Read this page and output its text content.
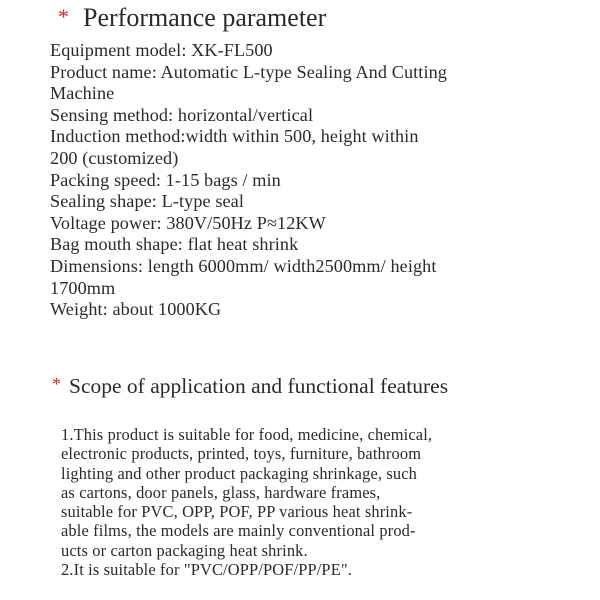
* Performance parameter
Equipment model: XK-FL500
Product name: Automatic L-type Sealing And Cutting
Machine
Sensing method: horizontal/vertical
Induction method:width within 500, height within
200 (customized)
Packing speed: 1-15 bags / min
Sealing shape: L-type seal
Voltage power: 380V/50Hz P≈12KW
Bag mouth shape: flat heat shrink
Dimensions: length 6000mm/ width2500mm/ height
1700mm
Weight: about 1000KG
* Scope of application and functional features
1.This product is suitable for food, medicine, chemical,
electronic products, printed, toys, furniture, bathroom
lighting and other product packaging shrinkage, such
as cartons, door panels, glass, hardware frames,
suitable for PVC, OPP, POF, PP various heat shrink-
able films, the models are mainly conventional prod-
ucts or carton packaging heat shrink.
2.It is suitable for "PVC/OPP/POF/PP/PE".
